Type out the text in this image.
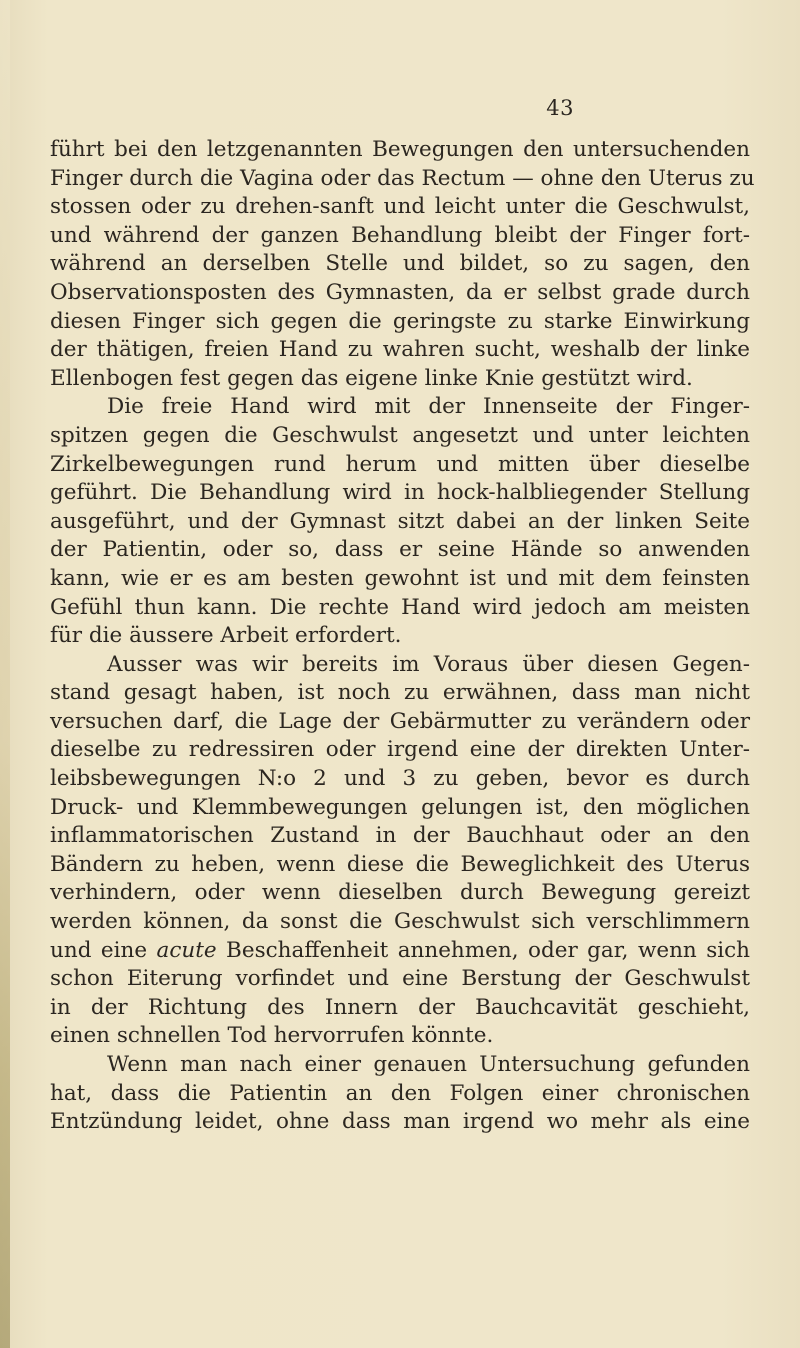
43
führt bei den letzgenannten Bewegungen den untersuchenden
Finger durch die Vagina oder das Rectum — ohne den Uterus zu
stossen oder zu drehen-sanft und leicht unter die Geschwulst,
und während der ganzen Behandlung bleibt der Finger fort-
während an derselben Stelle und bildet, so zu sagen, den
Observationsposten des Gymnasten, da er selbst grade durch
diesen Finger sich gegen die geringste zu starke Einwirkung
der thätigen, freien Hand zu wahren sucht, weshalb der linke
Ellenbogen fest gegen das eigene linke Knie gestützt wird.
Die freie Hand wird mit der Innenseite der Finger-
spitzen gegen die Geschwulst angesetzt und unter leichten
Zirkelbewegungen rund herum und mitten über dieselbe
geführt. Die Behandlung wird in hock-halbliegender Stellung
ausgeführt, und der Gymnast sitzt dabei an der linken Seite
der Patientin, oder so, dass er seine Hände so anwenden
kann, wie er es am besten gewohnt ist und mit dem feinsten
Gefühl thun kann. Die rechte Hand wird jedoch am meisten
für die äussere Arbeit erfordert.
Ausser was wir bereits im Voraus über diesen Gegen-
stand gesagt haben, ist noch zu erwähnen, dass man nicht
versuchen darf, die Lage der Gebärmutter zu verändern oder
dieselbe zu redressiren oder irgend eine der direkten Unter-
leibsbewegungen N:o 2 und 3 zu geben, bevor es durch
Druck- und Klemmbewegungen gelungen ist, den möglichen
inflammatorischen Zustand in der Bauchhaut oder an den
Bändern zu heben, wenn diese die Beweglichkeit des Uterus
verhindern, oder wenn dieselben durch Bewegung gereizt
werden können, da sonst die Geschwulst sich verschlimmern
und eine acute Beschaffenheit annehmen, oder gar, wenn sich
schon Eiterung vorfindet und eine Berstung der Geschwulst
in der Richtung des Innern der Bauchcavität geschieht,
einen schnellen Tod hervorrufen könnte.
Wenn man nach einer genauen Untersuchung gefunden
hat, dass die Patientin an den Folgen einer chronischen
Entzündung leidet, ohne dass man irgend wo mehr als eine
